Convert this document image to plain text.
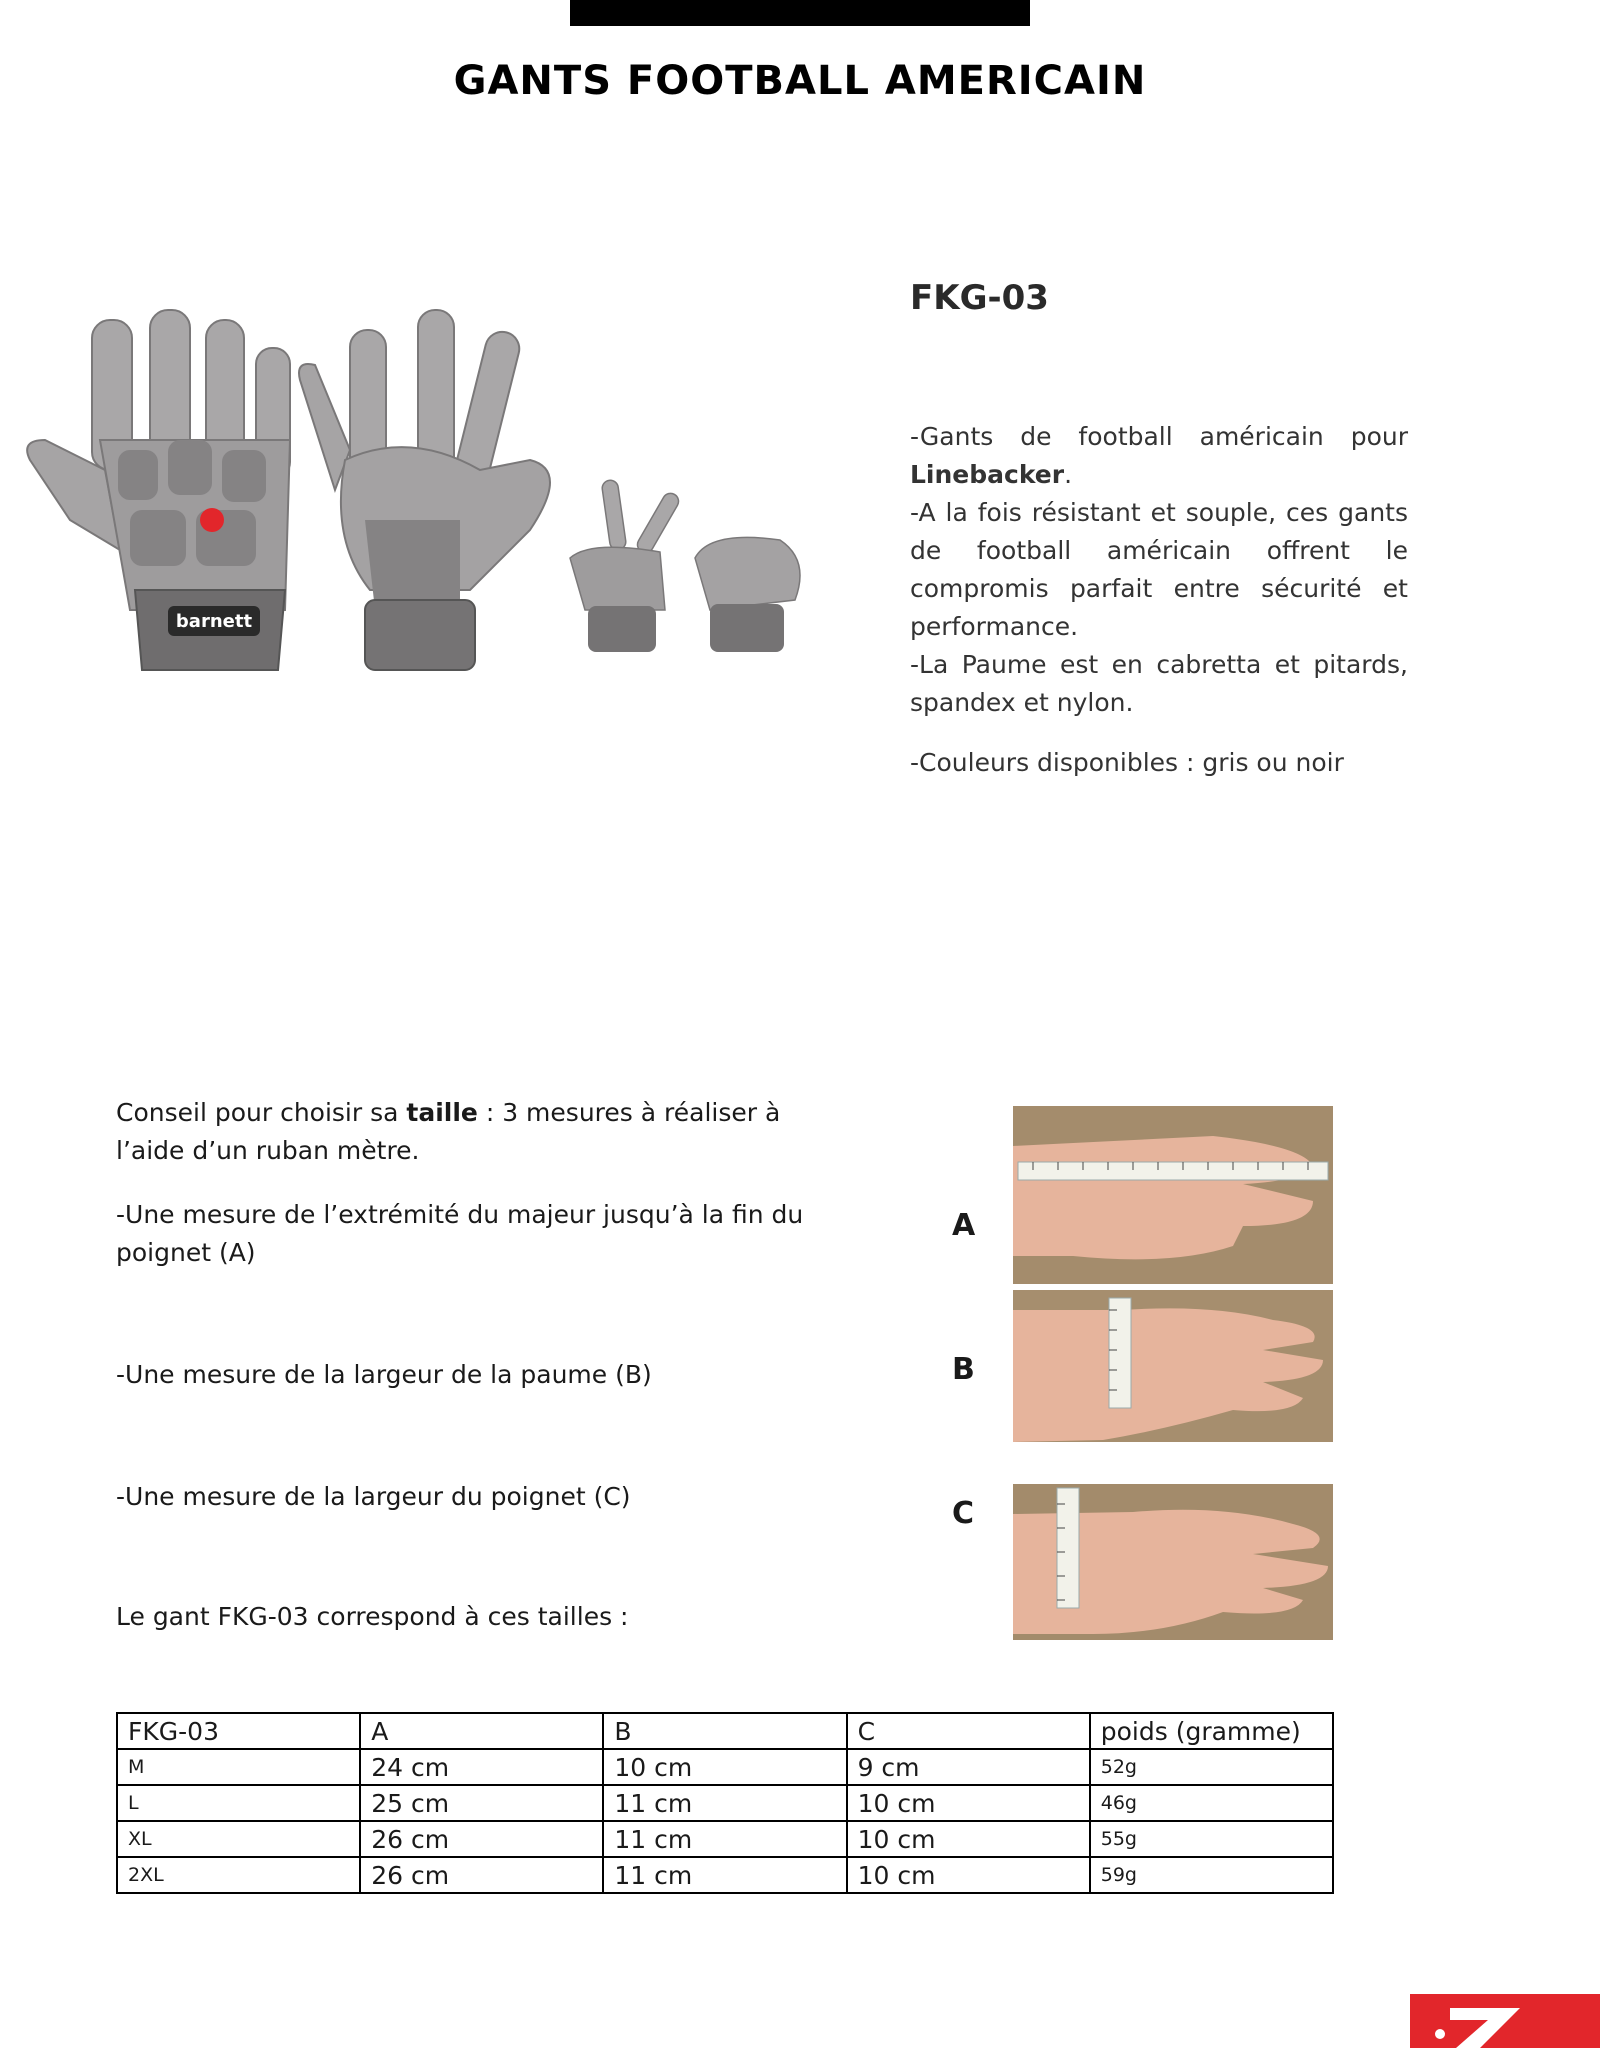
GANTS FOOTBALL AMERICAIN
barnett
FKG-03

-Gants de football américain pour Linebacker.

-A la fois résistant et souple, ces gants de football américain offrent le compromis parfait entre sécurité et performance.

-La Paume est en cabretta et pitards, spandex et nylon.

-Couleurs disponibles : gris ou noir

Conseil pour choisir sa taille : 3 mesures à réaliser à l’aide d’un ruban mètre.

-Une mesure de l’extrémité du majeur jusqu’à la fin du poignet (A)
-Une mesure de la largeur de la paume (B)
-Une mesure de la largeur du poignet (C)
Le gant FKG-03 correspond à ces tailles :
A
B
C
FKG-03	A	B	C	poids (gramme)
M	24 cm	10 cm	9 cm	52g
L	25 cm	11 cm	10 cm	46g
XL	26 cm	11 cm	10 cm	55g
2XL	26 cm	11 cm	10 cm	59g
